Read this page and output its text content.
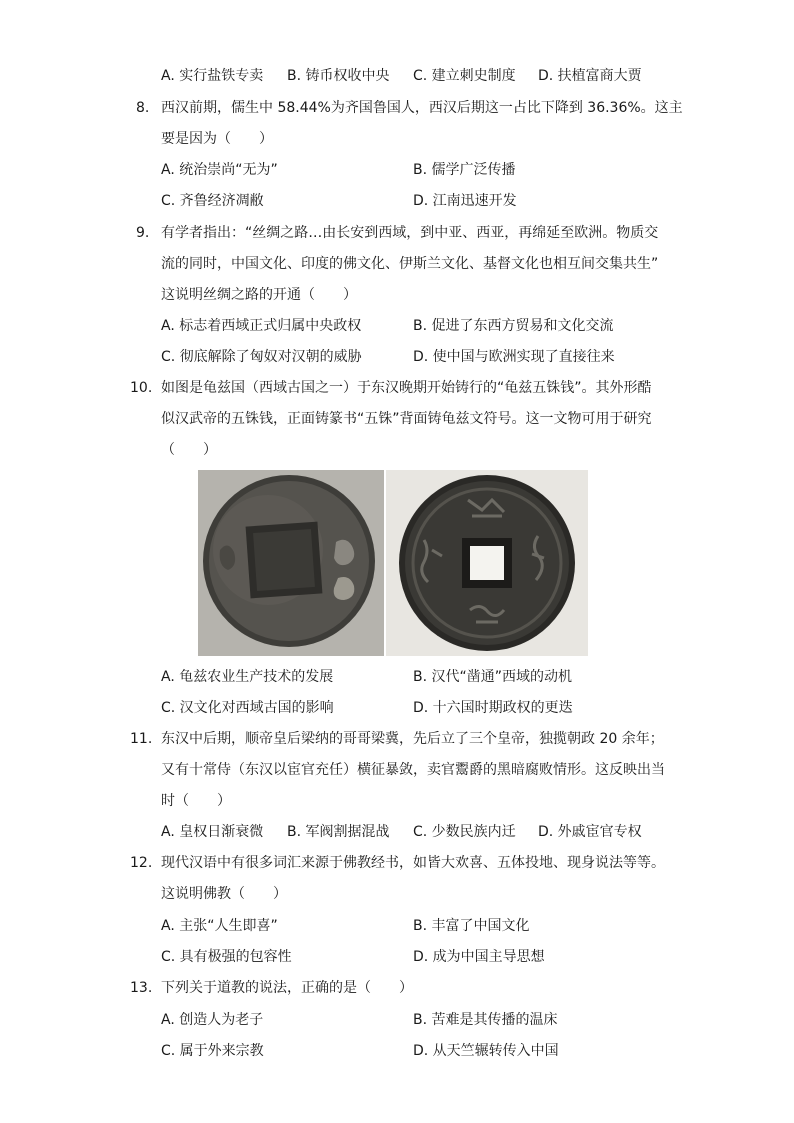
A. 实行盐铁专卖 B. 铸币权收中央 C. 建立刺史制度 D. 扶植富商大贾
8. 西汉前期，儒生中 58.44%为齐国鲁国人，西汉后期这一占比下降到 36.36%。这主
要是因为（　　）
A. 统治崇尚“无为”	B. 儒学广泛传播
C. 齐鲁经济凋敝	D. 江南迅速开发
9. 有学者指出：“丝绸之路…由长安到西域，到中亚、西亚，再绵延至欧洲。物质交
流的同时，中国文化、印度的佛文化、伊斯兰文化、基督文化也相互间交集共生”
这说明丝绸之路的开通（　　）
A. 标志着西域正式归属中央政权	B. 促进了东西方贸易和文化交流
C. 彻底解除了匈奴对汉朝的威胁	D. 使中国与欧洲实现了直接往来
10. 如图是龟兹国（西域古国之一）于东汉晚期开始铸行的“龟兹五铢钱”。其外形酷
似汉武帝的五铢钱，正面铸篆书“五铢”背面铸龟兹文符号。这一文物可用于研究
（　　）
A. 龟兹农业生产技术的发展	B. 汉代“凿通”西域的动机
C. 汉文化对西域古国的影响	D. 十六国时期政权的更迭
11. 东汉中后期，顺帝皇后梁纳的哥哥梁冀，先后立了三个皇帝，独揽朝政 20 余年；
又有十常侍（东汉以宦官充任）横征暴敛，卖官鬻爵的黑暗腐败情形。这反映出当
时（　　）
A. 皇权日渐衰微 B. 军阀割据混战 C. 少数民族内迁 D. 外戚宦官专权
12. 现代汉语中有很多词汇来源于佛教经书，如皆大欢喜、五体投地、现身说法等等。
这说明佛教（　　）
A. 主张“人生即喜”	B. 丰富了中国文化
C. 具有极强的包容性	D. 成为中国主导思想
13. 下列关于道教的说法，正确的是（　　）
A. 创造人为老子	B. 苦难是其传播的温床
C. 属于外来宗教	D. 从天竺辗转传入中国
